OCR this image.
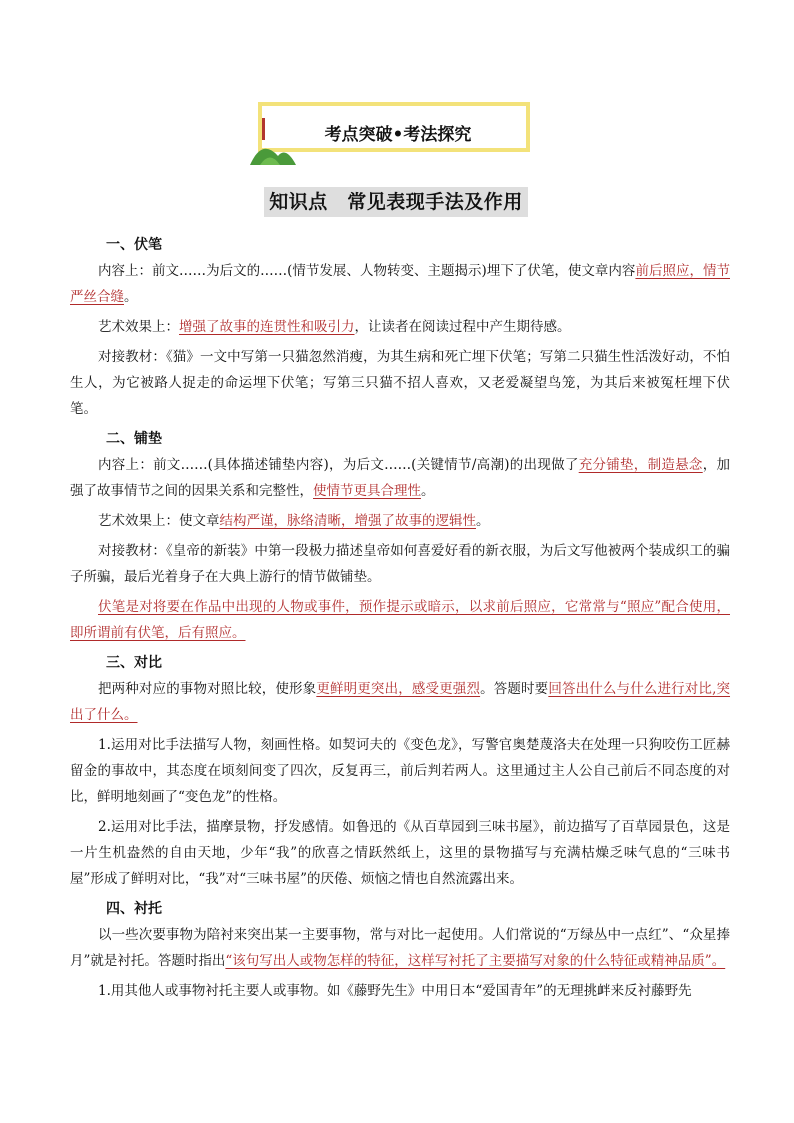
考点突破•考法探究
知识点　常见表现手法及作用
一、伏笔

内容上：前文……为后文的……(情节发展、人物转变、主题揭示)埋下了伏笔，使文章内容前后照应，情节严丝合缝。

艺术效果上：增强了故事的连贯性和吸引力，让读者在阅读过程中产生期待感。

对接教材：《猫》一文中写第一只猫忽然消瘦，为其生病和死亡埋下伏笔；写第二只猫生性活泼好动，不怕生人，为它被路人捉走的命运埋下伏笔；写第三只猫不招人喜欢，又老爱凝望鸟笼，为其后来被冤枉埋下伏笔。

二、铺垫

内容上：前文……(具体描述铺垫内容)，为后文……(关键情节/高潮)的出现做了充分铺垫，制造悬念，加强了故事情节之间的因果关系和完整性，使情节更具合理性。

艺术效果上：使文章结构严谨，脉络清晰，增强了故事的逻辑性。

对接教材：《皇帝的新装》中第一段极力描述皇帝如何喜爱好看的新衣服，为后文写他被两个装成织工的骗子所骗，最后光着身子在大典上游行的情节做铺垫。

伏笔是对将要在作品中出现的人物或事件，预作提示或暗示，以求前后照应，它常常与“照应”配合使用，即所谓前有伏笔，后有照应。

三、对比

把两种对应的事物对照比较，使形象更鲜明更突出，感受更强烈。答题时要回答出什么与什么进行对比,突出了什么。

1.运用对比手法描写人物，刻画性格。如契诃夫的《变色龙》，写警官奥楚蔑洛夫在处理一只狗咬伤工匠赫留金的事故中，其态度在顷刻间变了四次，反复再三，前后判若两人。这里通过主人公自己前后不同态度的对比，鲜明地刻画了“变色龙”的性格。

2.运用对比手法，描摩景物，抒发感情。如鲁迅的《从百草园到三味书屋》，前边描写了百草园景色，这是一片生机盎然的自由天地，少年“我”的欣喜之情跃然纸上，这里的景物描写与充满枯燥乏味气息的“三味书屋”形成了鲜明对比，“我”对“三味书屋”的厌倦、烦恼之情也自然流露出来。

四、衬托

以一些次要事物为陪衬来突出某一主要事物，常与对比一起使用。人们常说的“万绿丛中一点红”、“众星捧月”就是衬托。答题时指出“该句写出人或物怎样的特征，这样写衬托了主要描写对象的什么特征或精神品质”。

1.用其他人或事物衬托主要人或事物。如《藤野先生》中用日本“爱国青年”的无理挑衅来反衬藤野先
